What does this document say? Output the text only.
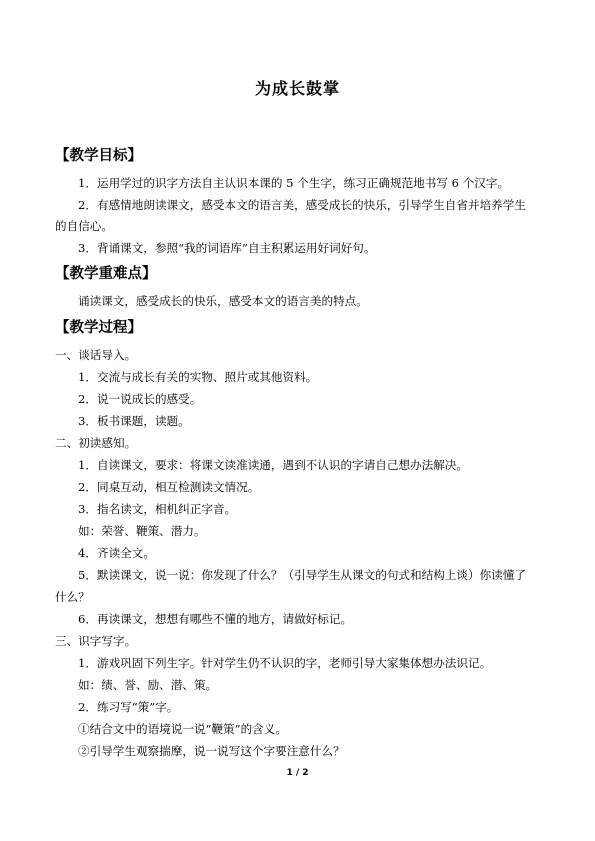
为成长鼓掌
【教学目标】
1．运用学过的识字方法自主认识本课的 5 个生字，练习正确规范地书写 6 个汉字。
2．有感情地朗读课文，感受本文的语言美，感受成长的快乐，引导学生自省并培养学生
的自信心。
3．背诵课文，参照“我的词语库”自主积累运用好词好句。
【教学重难点】
诵读课文，感受成长的快乐，感受本文的语言美的特点。
【教学过程】
一、谈话导入。
1．交流与成长有关的实物、照片或其他资料。
2．说一说成长的感受。
3．板书课题，读题。
二、初读感知。
1．自读课文，要求：将课文读准读通，遇到不认识的字请自己想办法解决。
2．同桌互动，相互检测读文情况。
3．指名读文，相机纠正字音。
如：荣誉、鞭策、潜力。
4．齐读全文。
5．默读课文，说一说：你发现了什么？（引导学生从课文的句式和结构上谈）你读懂了
什么？
6．再读课文，想想有哪些不懂的地方，请做好标记。
三、识字写字。
1．游戏巩固下列生字。针对学生仍不认识的字，老师引导大家集体想办法识记。
如：绩、誉、励、潜、策。
2．练习写“策”字。
①结合文中的语境说一说“鞭策”的含义。
②引导学生观察揣摩，说一说写这个字要注意什么？
1 / 2
